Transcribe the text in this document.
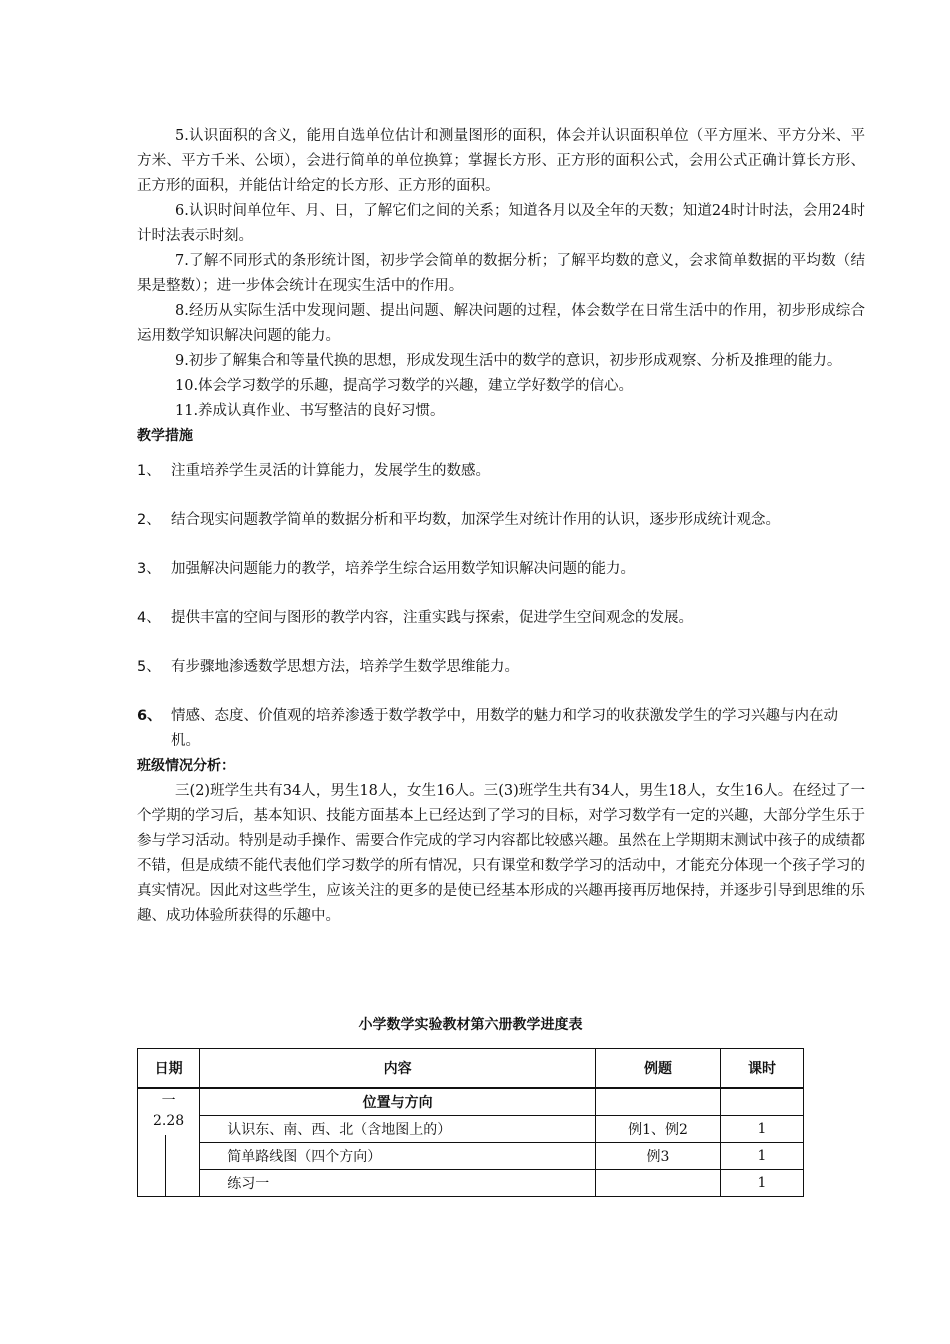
5.认识面积的含义，能用自选单位估计和测量图形的面积，体会并认识面积单位（平方厘米、平方分米、平方米、平方千米、公顷），会进行简单的单位换算；掌握长方形、正方形的面积公式，会用公式正确计算长方形、正方形的面积，并能估计给定的长方形、正方形的面积。

6.认识时间单位年、月、日，了解它们之间的关系；知道各月以及全年的天数；知道24时计时法，会用24时计时法表示时刻。

7.了解不同形式的条形统计图，初步学会简单的数据分析；了解平均数的意义，会求简单数据的平均数（结果是整数）；进一步体会统计在现实生活中的作用。

8.经历从实际生活中发现问题、提出问题、解决问题的过程，体会数学在日常生活中的作用，初步形成综合运用数学知识解决问题的能力。

9.初步了解集合和等量代换的思想，形成发现生活中的数学的意识，初步形成观察、分析及推理的能力。

10.体会学习数学的乐趣，提高学习数学的兴趣，建立学好数学的信心。

11.养成认真作业、书写整洁的良好习惯。

教学措施

1、 注重培养学生灵活的计算能力，发展学生的数感。
2、 结合现实问题教学简单的数据分析和平均数，加深学生对统计作用的认识，逐步形成统计观念。
3、 加强解决问题能力的教学，培养学生综合运用数学知识解决问题的能力。
4、 提供丰富的空间与图形的教学内容，注重实践与探索，促进学生空间观念的发展。
5、 有步骤地渗透数学思想方法，培养学生数学思维能力。
6、 情感、态度、价值观的培养渗透于数学教学中，用数学的魅力和学习的收获激发学生的学习兴趣与内在动机。

班级情况分析：

三(2)班学生共有34人，男生18人，女生16人。三(3)班学生共有34人，男生18人，女生16人。在经过了一个学期的学习后，基本知识、技能方面基本上已经达到了学习的目标，对学习数学有一定的兴趣，大部分学生乐于参与学习活动。特别是动手操作、需要合作完成的学习内容都比较感兴趣。虽然在上学期期末测试中孩子的成绩都不错，但是成绩不能代表他们学习数学的所有情况，只有课堂和数学学习的活动中，才能充分体现一个孩子学习的真实情况。因此对这些学生，应该关注的更多的是使已经基本形成的兴趣再接再厉地保持，并逐步引导到思维的乐趣、成功体验所获得的乐趣中。

小学数学实验教材第六册教学进度表
日期	内容	例题	课时

一
2.28	位置与方向		
	认识东、南、西、北（含地图上的）	例1、例2	1
	简单路线图（四个方向）	例3	1
	练习一		1
